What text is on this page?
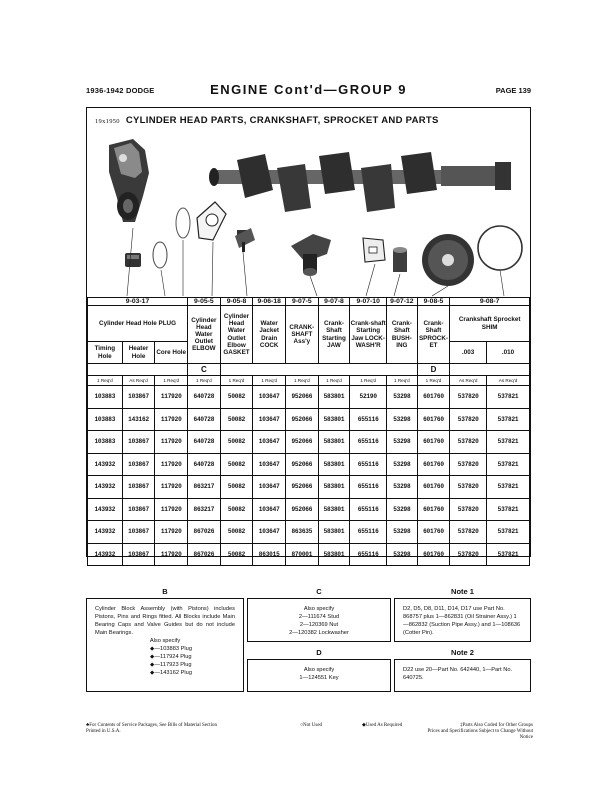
1936-1942 DODGE	ENGINE Cont'd—GROUP 9	PAGE 139
19x1950 CYLINDER HEAD PARTS, CRANKSHAFT, SPROCKET AND PARTS
9-03-17			9-05-5	9-05-8	9-06-18	9-07-5	9-07-8	9-07-10	9-07-12	9-08-5	9-08-7	
Cylinder Head Hole PLUG			Cylinder Head Water Outlet ELBOW	Cylinder Head Water Outlet Elbow GASKET	Water Jacket Drain COCK	CRANK-SHAFT Ass'y	Crank-Shaft Starting JAW	Crank-shaft Starting Jaw LOCK-WASH'R	Crank-Shaft BUSH-ING	Crank-Shaft SPROCK-ET	Crankshaft Sprocket SHIM	
Timing Hole	Heater Hole	Core Hole									.003	.010
			C							D		
1 Req'd	As Req'd	1 Req'd	1 Req'd	1 Req'd	1 Req'd	1 Req'd	1 Req'd	1 Req'd	1 Req'd	1 Req'd	As Req'd	As Req'd
103883	103867	117920	640728	50082	103647	952066	583801	52190	53298	601760	537820	537821
103883	143162	117920	640728	50082	103647	952066	583801	655116	53298	601760	537820	537821
103883	103867	117920	640728	50082	103647	952066	583801	655116	53298	601760	537820	537821
143932	103867	117920	640728	50082	103647	952066	583801	655116	53298	601760	537820	537821
143932	103867	117920	863217	50082	103647	952066	583801	655116	53298	601760	537820	537821
143932	103867	117920	863217	50082	103647	952066	583801	655116	53298	601760	537820	537821
143932	103867	117920	867026	50082	103647	863635	583801	655116	53298	601760	537820	537821
143932	103867	117920	867026	50082	863015	870001	583801	655116	53298	601760	537820	537821
B

Cylinder Block Assembly (with Pistons) includes Pistons, Pins and Rings fitted. All Blocks include Main Bearing Caps and Valve Guides but do not include Main Bearings.

Also specify
◆—103883 Plug
◆—117924 Plug
◆—117923 Plug
◆—143162 Plug
C
Also specify
2—111674 Stud
2—120369 Nut
2—120382 Lockwasher
D
Also specify
1—124551 Key
Note 1
D2, D5, D8, D11, D14, D17 use Part No. 868757 plus 1—862831 (Oil Strainer Assy.) 1—862832 (Suction Pipe Assy.) and 1—108636 (Cotter Pin).
Note 2
D22 use 20—Part No. 642440, 1—Part No. 640725.
♣For Contents of Service Packages, See Bills of Material Section
Printed in U.S.A.
○Not Used	◆Used As Required	‡Parts Also Coded for Other Groups
Prices and Specifications Subject to Change Without Notice
